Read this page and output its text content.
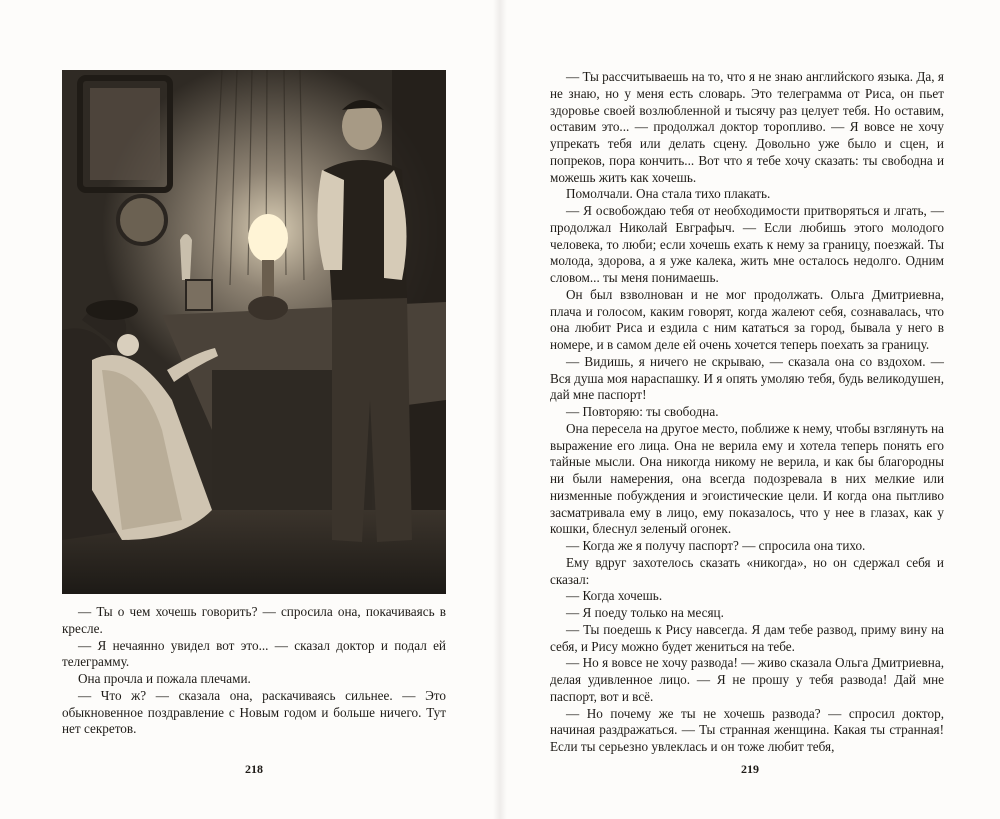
— Ты о чем хочешь говорить? — спросила она, покачиваясь в кресле.

— Я нечаянно увидел вот это... — сказал доктор и подал ей телеграмму.

Она прочла и пожала плечами.

— Что ж? — сказала она, раскачиваясь сильнее. — Это обыкновенное поздравление с Новым годом и больше ничего. Тут нет секретов.

218

— Ты рассчитываешь на то, что я не знаю английского языка. Да, я не знаю, но у меня есть словарь. Это телеграмма от Риса, он пьет здоровье своей возлюбленной и тысячу раз целует тебя. Но оставим, оставим это... — продолжал доктор торопливо. — Я вовсе не хочу упрекать тебя или делать сцену. Довольно уже было и сцен, и попреков, пора кончить... Вот что я тебе хочу сказать: ты свободна и можешь жить как хочешь.

Помолчали. Она стала тихо плакать.

— Я освобождаю тебя от необходимости притворяться и лгать, — продолжал Николай Евграфыч. — Если любишь этого молодого человека, то люби; если хочешь ехать к нему за границу, поезжай. Ты молода, здорова, а я уже калека, жить мне осталось недолго. Одним словом... ты меня понимаешь.

Он был взволнован и не мог продолжать. Ольга Дмитриевна, плача и голосом, каким говорят, когда жалеют себя, сознавалась, что она любит Риса и ездила с ним кататься за город, бывала у него в номере, и в самом деле ей очень хочется теперь поехать за границу.

— Видишь, я ничего не скрываю, — сказала она со вздохом. — Вся душа моя нараспашку. И я опять умоляю тебя, будь великодушен, дай мне паспорт!

— Повторяю: ты свободна.

Она пересела на другое место, поближе к нему, чтобы взглянуть на выражение его лица. Она не верила ему и хотела теперь понять его тайные мысли. Она никогда никому не верила, и как бы благородны ни были намерения, она всегда подозревала в них мелкие или низменные побуждения и эгоистические цели. И когда она пытливо засматривала ему в лицо, ему показалось, что у нее в глазах, как у кошки, блеснул зеленый огонек.

— Когда же я получу паспорт? — спросила она тихо.

Ему вдруг захотелось сказать «никогда», но он сдержал себя и сказал:

— Когда хочешь.

— Я поеду только на месяц.

— Ты поедешь к Рису навсегда. Я дам тебе развод, приму вину на себя, и Рису можно будет жениться на тебе.

— Но я вовсе не хочу развода! — живо сказала Ольга Дмитриевна, делая удивленное лицо. — Я не прошу у тебя развода! Дай мне паспорт, вот и всё.

— Но почему же ты не хочешь развода? — спросил доктор, начиная раздражаться. — Ты странная женщина. Какая ты странная! Если ты серьезно увлеклась и он тоже любит тебя,

219
